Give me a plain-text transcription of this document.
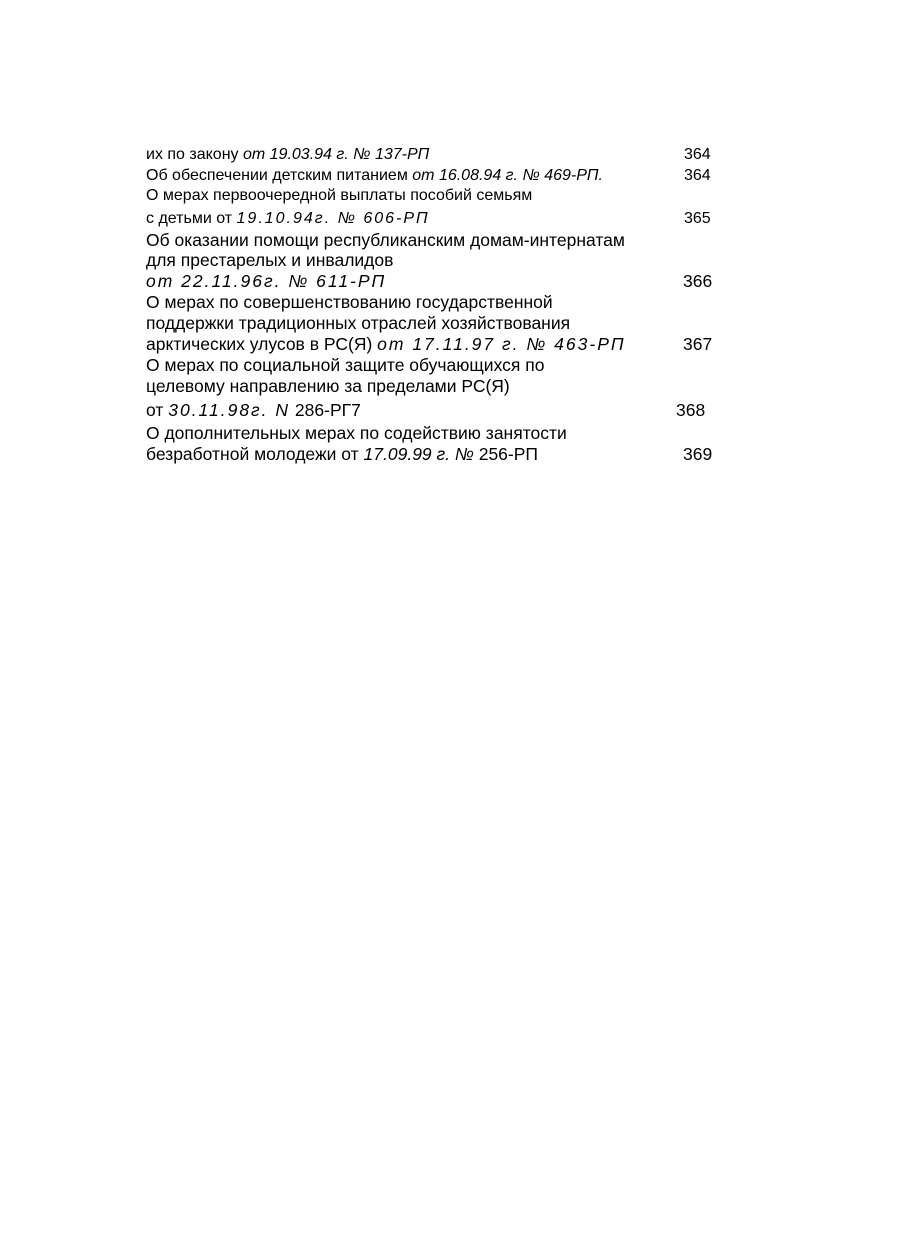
их по закону от 19.03.94 г. № 137-РП	364
Об обеспечении детским питанием от 16.08.94 г. № 469-РП.	364
О мерах первоочередной выплаты пособий семьям
с детьми от 19.10.94г. № 606-РП	365
Об оказании помощи республиканским домам-интернатам
для престарелых и инвалидов
от 22.11.96г. № 611-РП	366
О мерах по совершенствованию государственной
поддержки традиционных отраслей хозяйствования
арктических улусов в РС(Я) от 17.11.97 г. № 463-РП	367
О мерах по социальной защите обучающихся по
целевому направлению за пределами РС(Я)
от 30.11.98г. N 286-РГ7	368
О дополнительных мерах по содействию занятости
безработной молодежи от 17.09.99 г. № 256-РП	369
